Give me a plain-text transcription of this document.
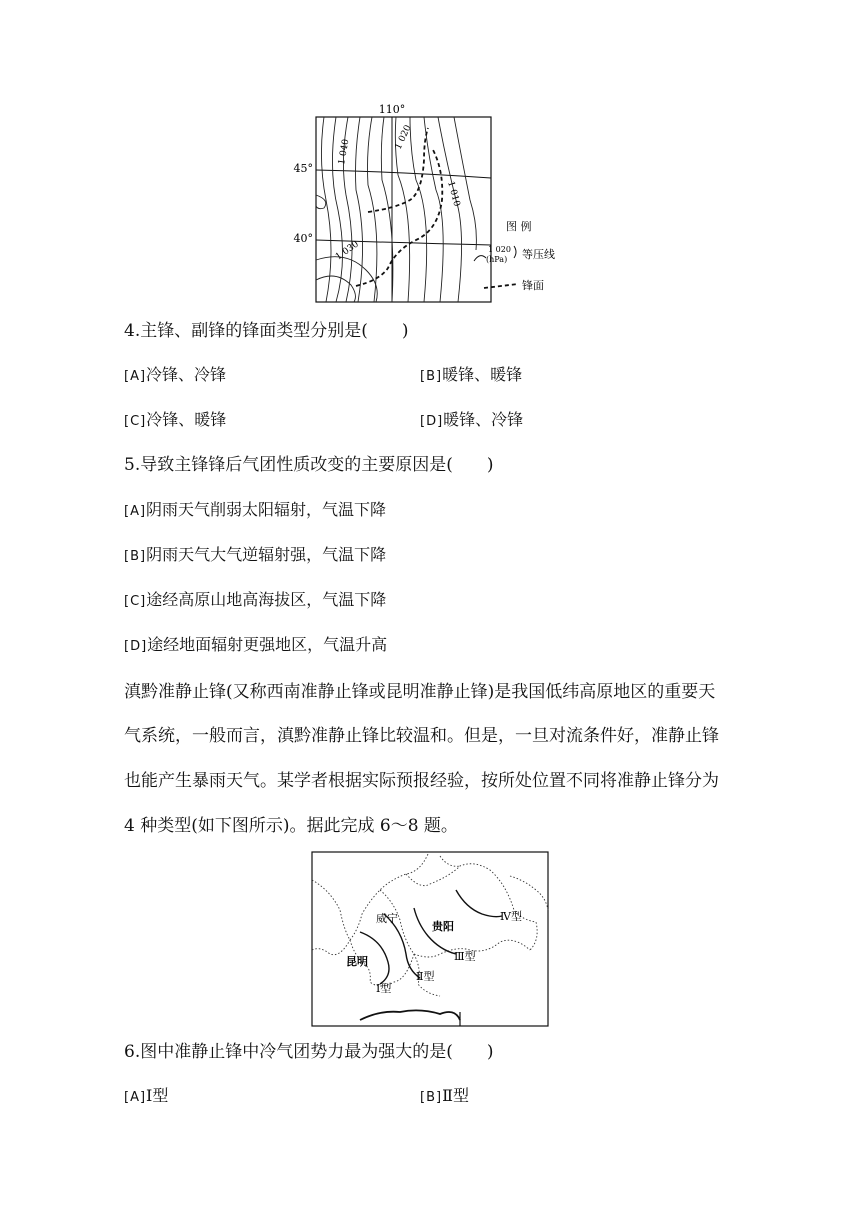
110°
45°
40°
1 040
1 020
1 030
1 010
图 例
1 020
(hPa) 等压线
锋面
4.主锋、副锋的锋面类型分别是(　　)
[A]冷锋、冷锋	[B]暖锋、暖锋
[C]冷锋、暖锋	[D]暖锋、冷锋
5.导致主锋锋后气团性质改变的主要原因是(　　)
[A]阴雨天气削弱太阳辐射，气温下降
[B]阴雨天气大气逆辐射强，气温下降
[C]途经高原山地高海拔区，气温下降
[D]途经地面辐射更强地区，气温升高
滇黔准静止锋(又称西南准静止锋或昆明准静止锋)是我国低纬高原地区的重要天
气系统，一般而言，滇黔准静止锋比较温和。但是，一旦对流条件好，准静止锋
也能产生暴雨天气。某学者根据实际预报经验，按所处位置不同将准静止锋分为
4 种类型(如下图所示)。据此完成 6～8 题。
昆明
威宁
贵阳
Ⅰ型
Ⅱ型
Ⅲ型
Ⅳ型
6.图中准静止锋中冷气团势力最为强大的是(　　)
[A]Ⅰ型	[B]Ⅱ型
